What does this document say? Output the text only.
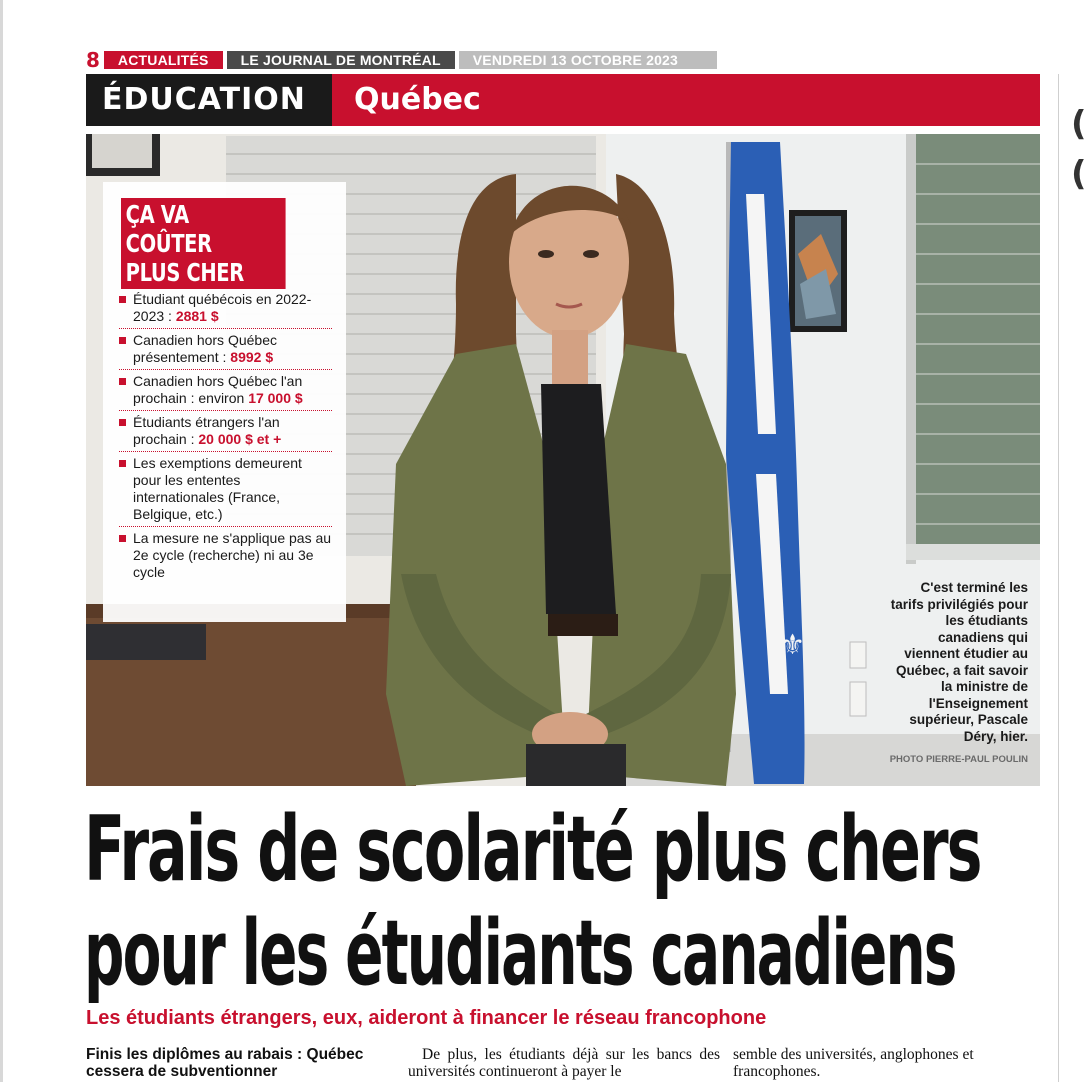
8	ACTUALITÉS	LE JOURNAL DE MONTRÉAL	VENDREDI 13 OCTOBRE 2023
ÉDUCATION	Québec
⚜
ÇA VA COÛTER
PLUS CHER
Étudiant québécois en 2022-2023 : 2881 $
Canadien hors Québec présentement : 8992 $
Canadien hors Québec l'an prochain : environ 17 000 $
Étudiants étrangers l'an prochain : 20 000 $ et +
Les exemptions demeurent pour les ententes internationales (France, Belgique, etc.)
La mesure ne s'applique pas au 2e cycle (recherche) ni au 3e cycle
C'est terminé les tarifs privilégiés pour les étudiants canadiens qui viennent étudier au Québec, a fait savoir la ministre de l'Enseignement supérieur, Pascale Déry, hier.
PHOTO PIERRE-PAUL POULIN
Frais de scolarité plus chers
pour les étudiants canadiens
Les étudiants étrangers, eux, aideront à financer le réseau francophone
Finis les diplômes au rabais : Québec cessera de subventionner

De plus, les étudiants déjà sur les bancs des universités continueront à payer le

semble des universités, anglophones et francophones.
(
(
